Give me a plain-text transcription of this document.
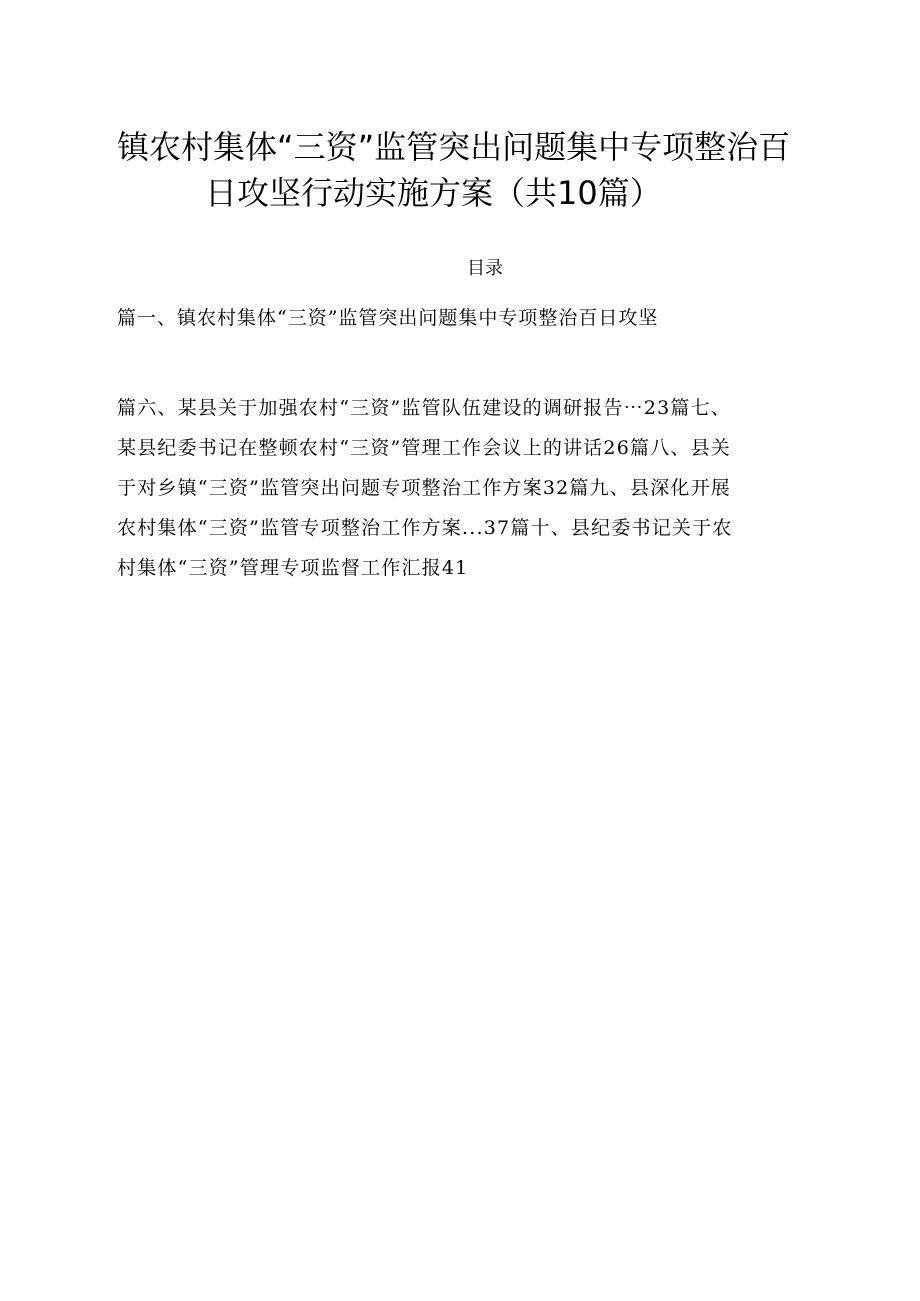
镇农村集体“三资”监管突出问题集中专项整治百
日攻坚行动实施方案（共10篇）
目录
篇一、镇农村集体“三资”监管突出问题集中专项整治百日攻坚
篇六、某县关于加强农村“三资”监管队伍建设的调研报告⋯23篇七、
某县纪委书记在整顿农村“三资”管理工作会议上的讲话26篇八、县关
于对乡镇“三资”监管突出问题专项整治工作方案32篇九、县深化开展
农村集体“三资”监管专项整治工作方案...37篇十、县纪委书记关于农
村集体“三资”管理专项监督工作汇报41
